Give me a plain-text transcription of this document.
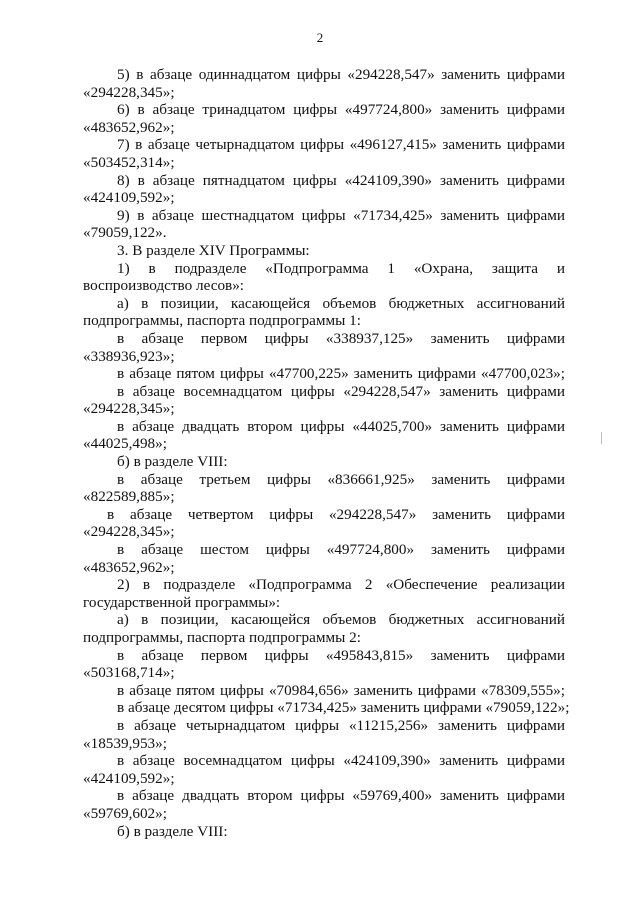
2
5) в абзаце одиннадцатом цифры «294228,547» заменить цифрами
«294228,345»;
6) в абзаце тринадцатом цифры «497724,800» заменить цифрами
«483652,962»;
7) в абзаце четырнадцатом цифры «496127,415» заменить цифрами
«503452,314»;
8) в абзаце пятнадцатом цифры «424109,390» заменить цифрами
«424109,592»;
9) в абзаце шестнадцатом цифры «71734,425» заменить цифрами
«79059,122».
3. В разделе XIV Программы:
1) в подразделе «Подпрограмма 1 «Охрана, защита и
воспроизводство лесов»:
а) в позиции, касающейся объемов бюджетных ассигнований
подпрограммы, паспорта подпрограммы 1:
в абзаце первом цифры «338937,125» заменить цифрами
«338936,923»;
в абзаце пятом цифры «47700,225» заменить цифрами «47700,023»;
в абзаце восемнадцатом цифры «294228,547» заменить цифрами
«294228,345»;
в абзаце двадцать втором цифры «44025,700» заменить цифрами
«44025,498»;
б) в разделе VIII:
в абзаце третьем цифры «836661,925» заменить цифрами
«822589,885»;
в абзаце четвертом цифры «294228,547» заменить цифрами
«294228,345»;
в абзаце шестом цифры «497724,800» заменить цифрами
«483652,962»;
2) в подразделе «Подпрограмма 2 «Обеспечение реализации
государственной программы»:
а) в позиции, касающейся объемов бюджетных ассигнований
подпрограммы, паспорта подпрограммы 2:
в абзаце первом цифры «495843,815» заменить цифрами
«503168,714»;
в абзаце пятом цифры «70984,656» заменить цифрами «78309,555»;
в абзаце десятом цифры «71734,425» заменить цифрами «79059,122»;
в абзаце четырнадцатом цифры «11215,256» заменить цифрами
«18539,953»;
в абзаце восемнадцатом цифры «424109,390» заменить цифрами
«424109,592»;
в абзаце двадцать втором цифры «59769,400» заменить цифрами
«59769,602»;
б) в разделе VIII:
